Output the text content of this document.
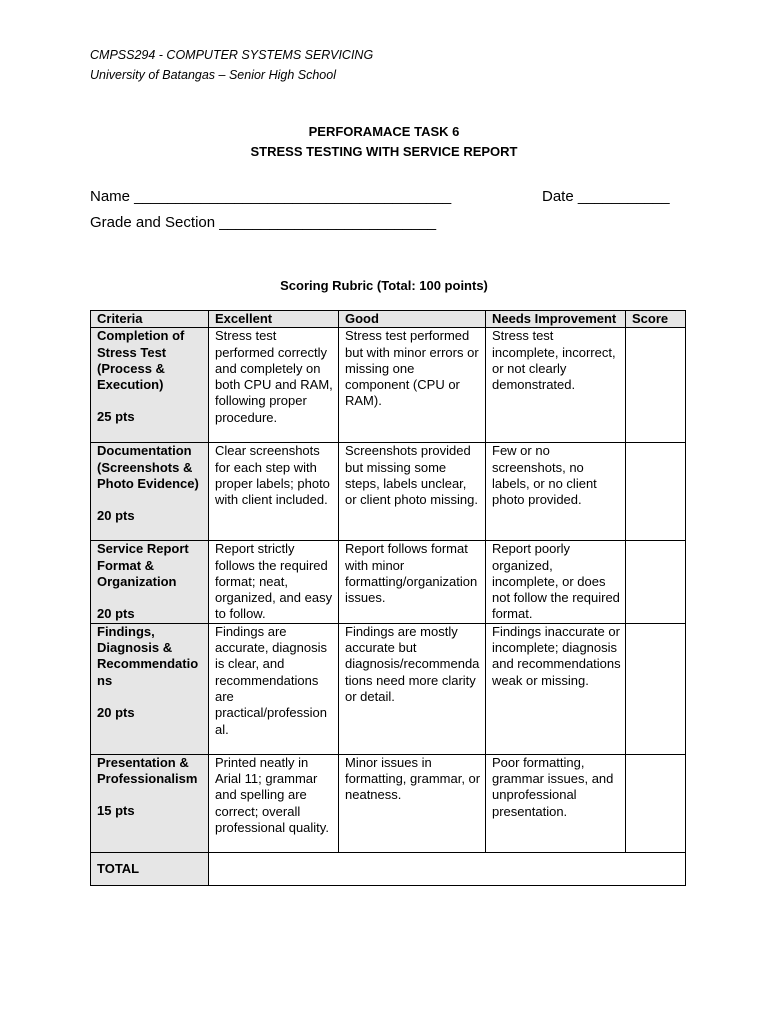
CMPSS294 - COMPUTER SYSTEMS SERVICING
University of Batangas – Senior High School
PERFORAMACE TASK 6
STRESS TESTING WITH SERVICE REPORT
Name ______________________________________	Date ___________
Grade and Section __________________________
Scoring Rubric (Total: 100 points)
Criteria	Excellent	Good	Needs Improvement	Score
Completion of Stress Test (Process & Execution)
25 pts	Stress test performed correctly and completely on both CPU and RAM, following proper procedure.	Stress test performed but with minor errors or missing one component (CPU or RAM).	Stress test incomplete, incorrect, or not clearly demonstrated.	
Documentation (Screenshots & Photo Evidence)
20 pts	Clear screenshots for each step with proper labels; photo with client included.	Screenshots provided but missing some steps, labels unclear, or client photo missing.	Few or no screenshots, no labels, or no client photo provided.	
Service Report Format & Organization
20 pts	Report strictly follows the required format; neat, organized, and easy to follow.	Report follows format with minor formatting/organization issues.	Report poorly organized, incomplete, or does not follow the required format.	
Findings, Diagnosis & Recommendations
20 pts	Findings are accurate, diagnosis is clear, and recommendations are practical/professional.	Findings are mostly accurate but diagnosis/recommendations need more clarity or detail.	Findings inaccurate or incomplete; diagnosis and recommendations weak or missing.	
Presentation & Professionalism
15 pts	Printed neatly in Arial 11; grammar and spelling are correct; overall professional quality.	Minor issues in formatting, grammar, or neatness.	Poor formatting, grammar issues, and unprofessional presentation.	
TOTAL				
